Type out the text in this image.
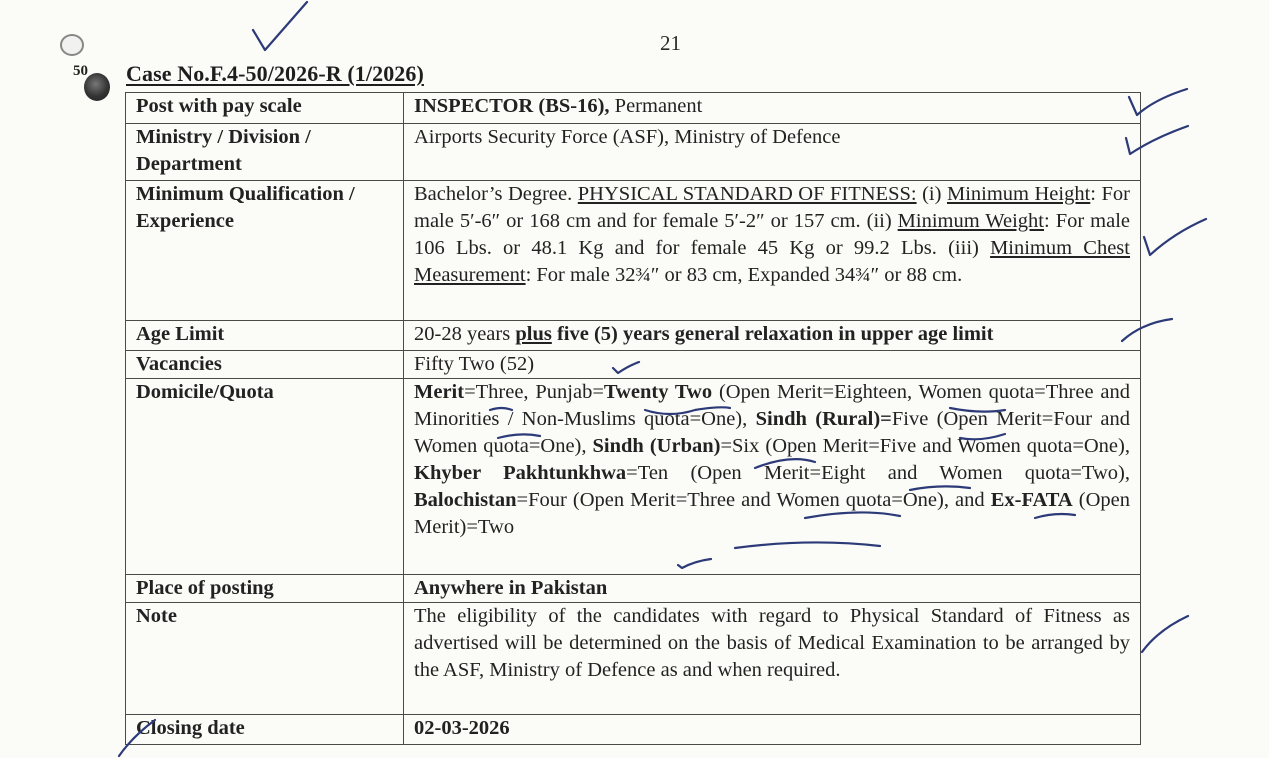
21
50 Case No.F.4-50/2026-R (1/2026)
Post with pay scale	INSPECTOR (BS-16), Permanent
Ministry / Division / Department	Airports Security Force (ASF), Ministry of Defence
Minimum Qualification / Experience	Bachelor’s Degree. PHYSICAL STANDARD OF FITNESS: (i) Minimum Height: For male 5′-6″ or 168 cm and for female 5′-2″ or 157 cm. (ii) Minimum Weight: For male 106 Lbs. or 48.1 Kg and for female 45 Kg or 99.2 Lbs. (iii) Minimum Chest Measurement: For male 32¾″ or 83 cm, Expanded 34¾″ or 88 cm.
Age Limit	20-28 years plus five (5) years general relaxation in upper age limit
Vacancies	Fifty Two (52)
Domicile/Quota	Merit=Three, Punjab=Twenty Two (Open Merit=Eighteen, Women quota=Three and Minorities / Non-Muslims quota=One), Sindh (Rural)=Five (Open Merit=Four and Women quota=One), Sindh (Urban)=Six (Open Merit=Five and Women quota=One), Khyber Pakhtunkhwa=Ten (Open Merit=Eight and Women quota=Two), Balochistan=Four (Open Merit=Three and Women quota=One), and Ex-FATA (Open Merit)=Two
Place of posting	Anywhere in Pakistan
Note	The eligibility of the candidates with regard to Physical Standard of Fitness as advertised will be determined on the basis of Medical Examination to be arranged by the ASF, Ministry of Defence as and when required.
Closing date	02-03-2026
